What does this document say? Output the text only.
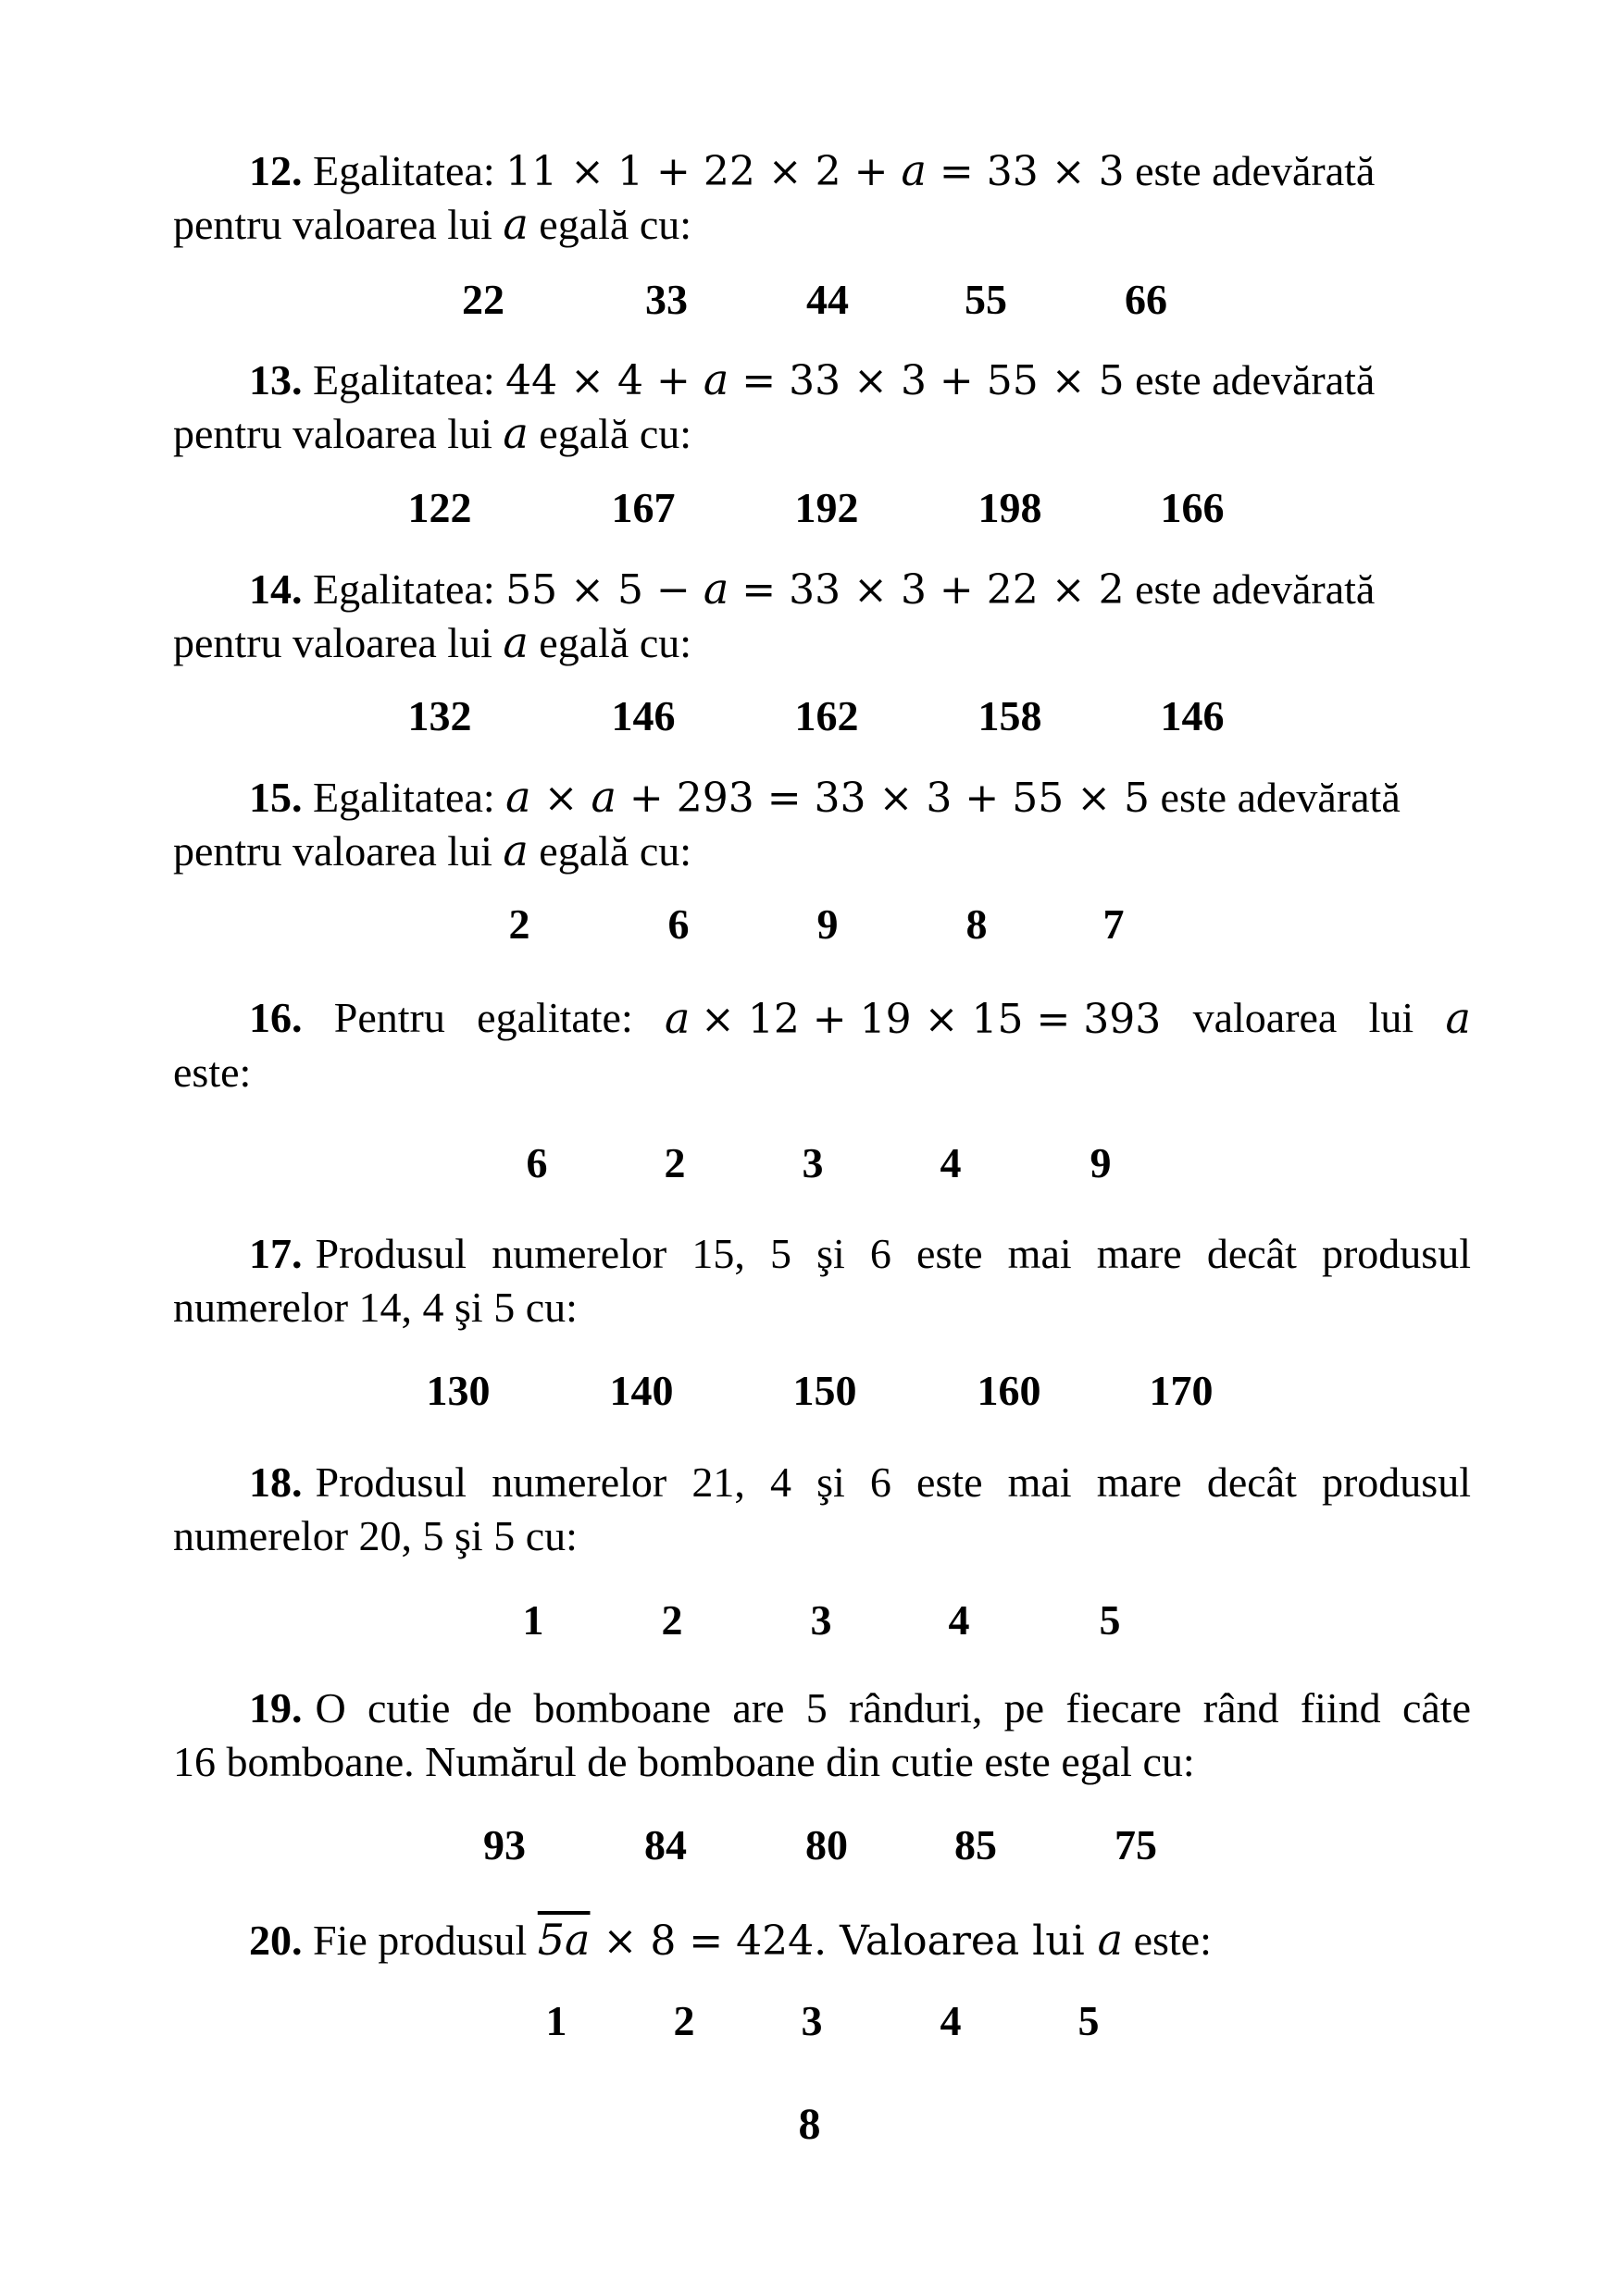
12. Egalitatea: 11 × 1 + 22 × 2 + a = 33 × 3 este adevărată
pentru valoarea lui a egală cu:
22	33	44	55	66
13. Egalitatea: 44 × 4 + a = 33 × 3 + 55 × 5 este adevărată
pentru valoarea lui a egală cu:
122	167	192	198	166
14. Egalitatea: 55 × 5 − a = 33 × 3 + 22 × 2 este adevărată
pentru valoarea lui a egală cu:
132	146	162	158	146
15. Egalitatea: a × a + 293 = 33 × 3 + 55 × 5 este adevărată
pentru valoarea lui a egală cu:
2	6	9	8	7
16. Pentru egalitate: a × 12 + 19 × 15 = 393 valoarea lui a
este:
6	2	3	4	9
17. Produsul numerelor 15, 5 şi 6 este mai mare decât produsul
numerelor 14, 4 şi 5 cu:
130	140	150	160	170
18. Produsul numerelor 21, 4 şi 6 este mai mare decât produsul
numerelor 20, 5 şi 5 cu:
1	2	3	4	5
19. O cutie de bomboane are 5 rânduri, pe fiecare rând fiind câte
16 bomboane. Numărul de bomboane din cutie este egal cu:
93	84	80	85	75
20. Fie produsul 5a × 8 = 424. Valoarea lui a este:
1	2	3	4	5
8
